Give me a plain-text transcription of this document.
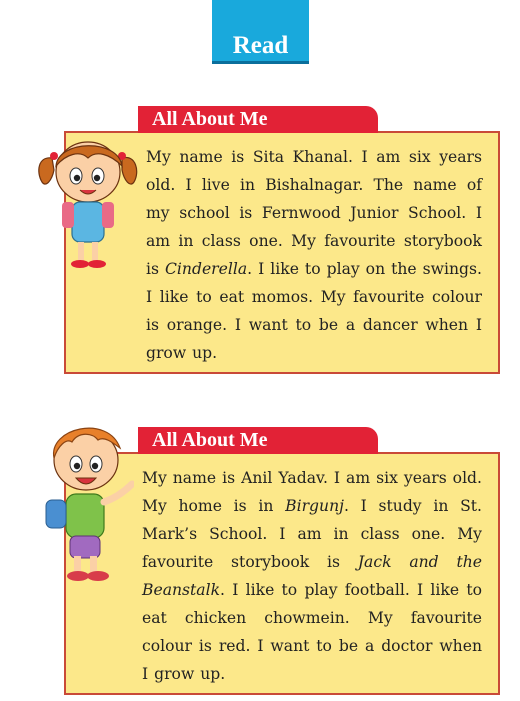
Read
My name is Sita Khanal. I am six years old. I live in Bishalnagar. The name of my school is Fernwood Junior School. I am in class one. My favourite storybook is Cinderella. I like to play on the swings. I like to eat momos. My favourite colour is orange. I want to be a dancer when I grow up.
All About Me
My name is Anil Yadav. I am six years old. My home is in Birgunj. I study in St. Mark’s School. I am in class one. My favourite storybook is Jack and the Beanstalk. I like to play football. I like to eat chicken chowmein. My favourite colour is red. I want to be a doctor when I grow up.
All About Me
